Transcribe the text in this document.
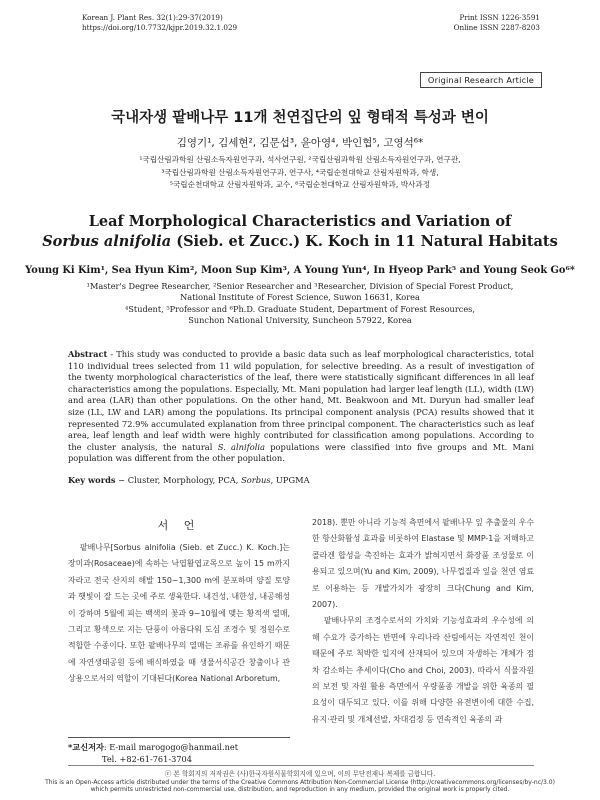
Korean J. Plant Res. 32(1):29-37(2019)
https://doi.org/10.7732/kjpr.2019.32.1.029
Print ISSN 1226-3591
Online ISSN 2287-8203
Original Research Article
국내자생 팥배나무 11개 천연집단의 잎 형태적 특성과 변이
김영기¹, 김세현², 김문섭³, 윤아영⁴, 박인협⁵, 고영석⁶*
¹국립산림과학원 산림소득자원연구과, 석사연구원, ²국립산림과학원 산림소득자원연구과, 연구관,
³국립산림과학원 산림소득자원연구과, 연구사, ⁴국립순천대학교 산림자원학과, 학생,
⁵국립순천대학교 산림자원학과, 교수, ⁶국립순천대학교 산림자원학과, 박사과정
Leaf Morphological Characteristics and Variation of
Sorbus alnifolia (Sieb. et Zucc.) K. Koch in 11 Natural Habitats
Young Ki Kim¹, Sea Hyun Kim², Moon Sup Kim³, A Young Yun⁴, In Hyeop Park⁵ and Young Seok Go⁶*
¹Master's Degree Researcher, ²Senior Researcher and ³Researcher, Division of Special Forest Product,
National Institute of Forest Science, Suwon 16631, Korea
⁴Student, ⁵Professor and ⁶Ph.D. Graduate Student, Department of Forest Resources,
Sunchon National University, Suncheon 57922, Korea
Abstract - This study was conducted to provide a basic data such as leaf morphological characteristics, total 110 individual trees selected from 11 wild population, for selective breeding. As a result of investigation of the twenty morphological characteristics of the leaf, there were statistically significant differences in all leaf characteristics among the populations. Especially, Mt. Mani population had larger leaf length (LL), width (LW) and area (LAR) than other populations. On the other hand, Mt. Beakwoon and Mt. Duryun had smaller leaf size (LL, LW and LAR) among the populations. Its principal component analysis (PCA) results showed that it represented 72.9% accumulated explanation from three principal component. The characteristics such as leaf area, leaf length and leaf width were highly contributed for classification among populations. According to the cluster analysis, the natural S. alnifolia populations were classified into five groups and Mt. Mani population was different from the other population.
Key words − Cluster, Morphology, PCA, Sorbus, UPGMA
서 언

팥배나무[Sorbus alnifolia (Sieb. et Zucc.) K. Koch.]는 장미과(Rosaceae)에 속하는 낙엽활엽교목으로 높이 15 m까지 자라고 전국 산지의 해발 150~1,300 m에 분포하며 양질 토양과 햇빛이 잘 드는 곳에 주로 생육한다. 내건성, 내한성, 내공해성이 강하며 5월에 피는 백색의 꽃과 9~10월에 맺는 황적색 열매, 그리고 황색으로 지는 단풍이 아름다워 도심 조경수 및 정원수로 적합한 수종이다. 또한 팥배나무의 열매는 조류를 유인하기 때문에 자연생태공원 등에 배식하였을 때 생물서식공간 창출이나 관상용으로서의 역할이 기대된다(Korea National Arboretum,

2018). 뿐만 아니라 기능적 측면에서 팥배나무 잎 추출물의 우수한 항산화활성 효과를 비롯하여 Elastase 및 MMP-1을 저해하고 콜라겐 합성을 촉진하는 효과가 밝혀지면서 화장품 조성물로 이용되고 있으며(Yu and Kim, 2009), 나무껍질과 잎을 천연 염료로 이용하는 등 개발가치가 광장히 크다(Chung and Kim, 2007).

팥배나무의 조경수로서의 가치와 기능성효과의 우수성에 의해 수요가 증가하는 반면에 우리나라 산림에서는 자연적인 천이 때문에 주로 척박한 입지에 산재되어 있으며 자생하는 개체가 점차 감소하는 추세이다(Cho and Choi, 2003). 따라서 식물자원의 보전 및 자원 활용 측면에서 우량품종 개발을 위한 육종의 필요성이 대두되고 있다. 이를 위해 다양한 유전변이에 대한 수집, 유지·관리 및 개체선발, 차대검정 등 연속적인 육종의 과

*교신저자: E-mail marogogo@hanmail.net
Tel. +82-61-761-3704
ⓒ 본 학회지의 저작권은 (사)한국자원식물학회지에 있으며, 이의 무단전재나 복제를 금합니다.
This is an Open-Access article distributed under the terms of the Creative Commons Attribution Non-Commercial License (http://creativecommons.org/licenses/by-nc/3.0)
which permits unrestricted non-commercial use, distribution, and reproduction in any medium, provided the original work is properly cited.
